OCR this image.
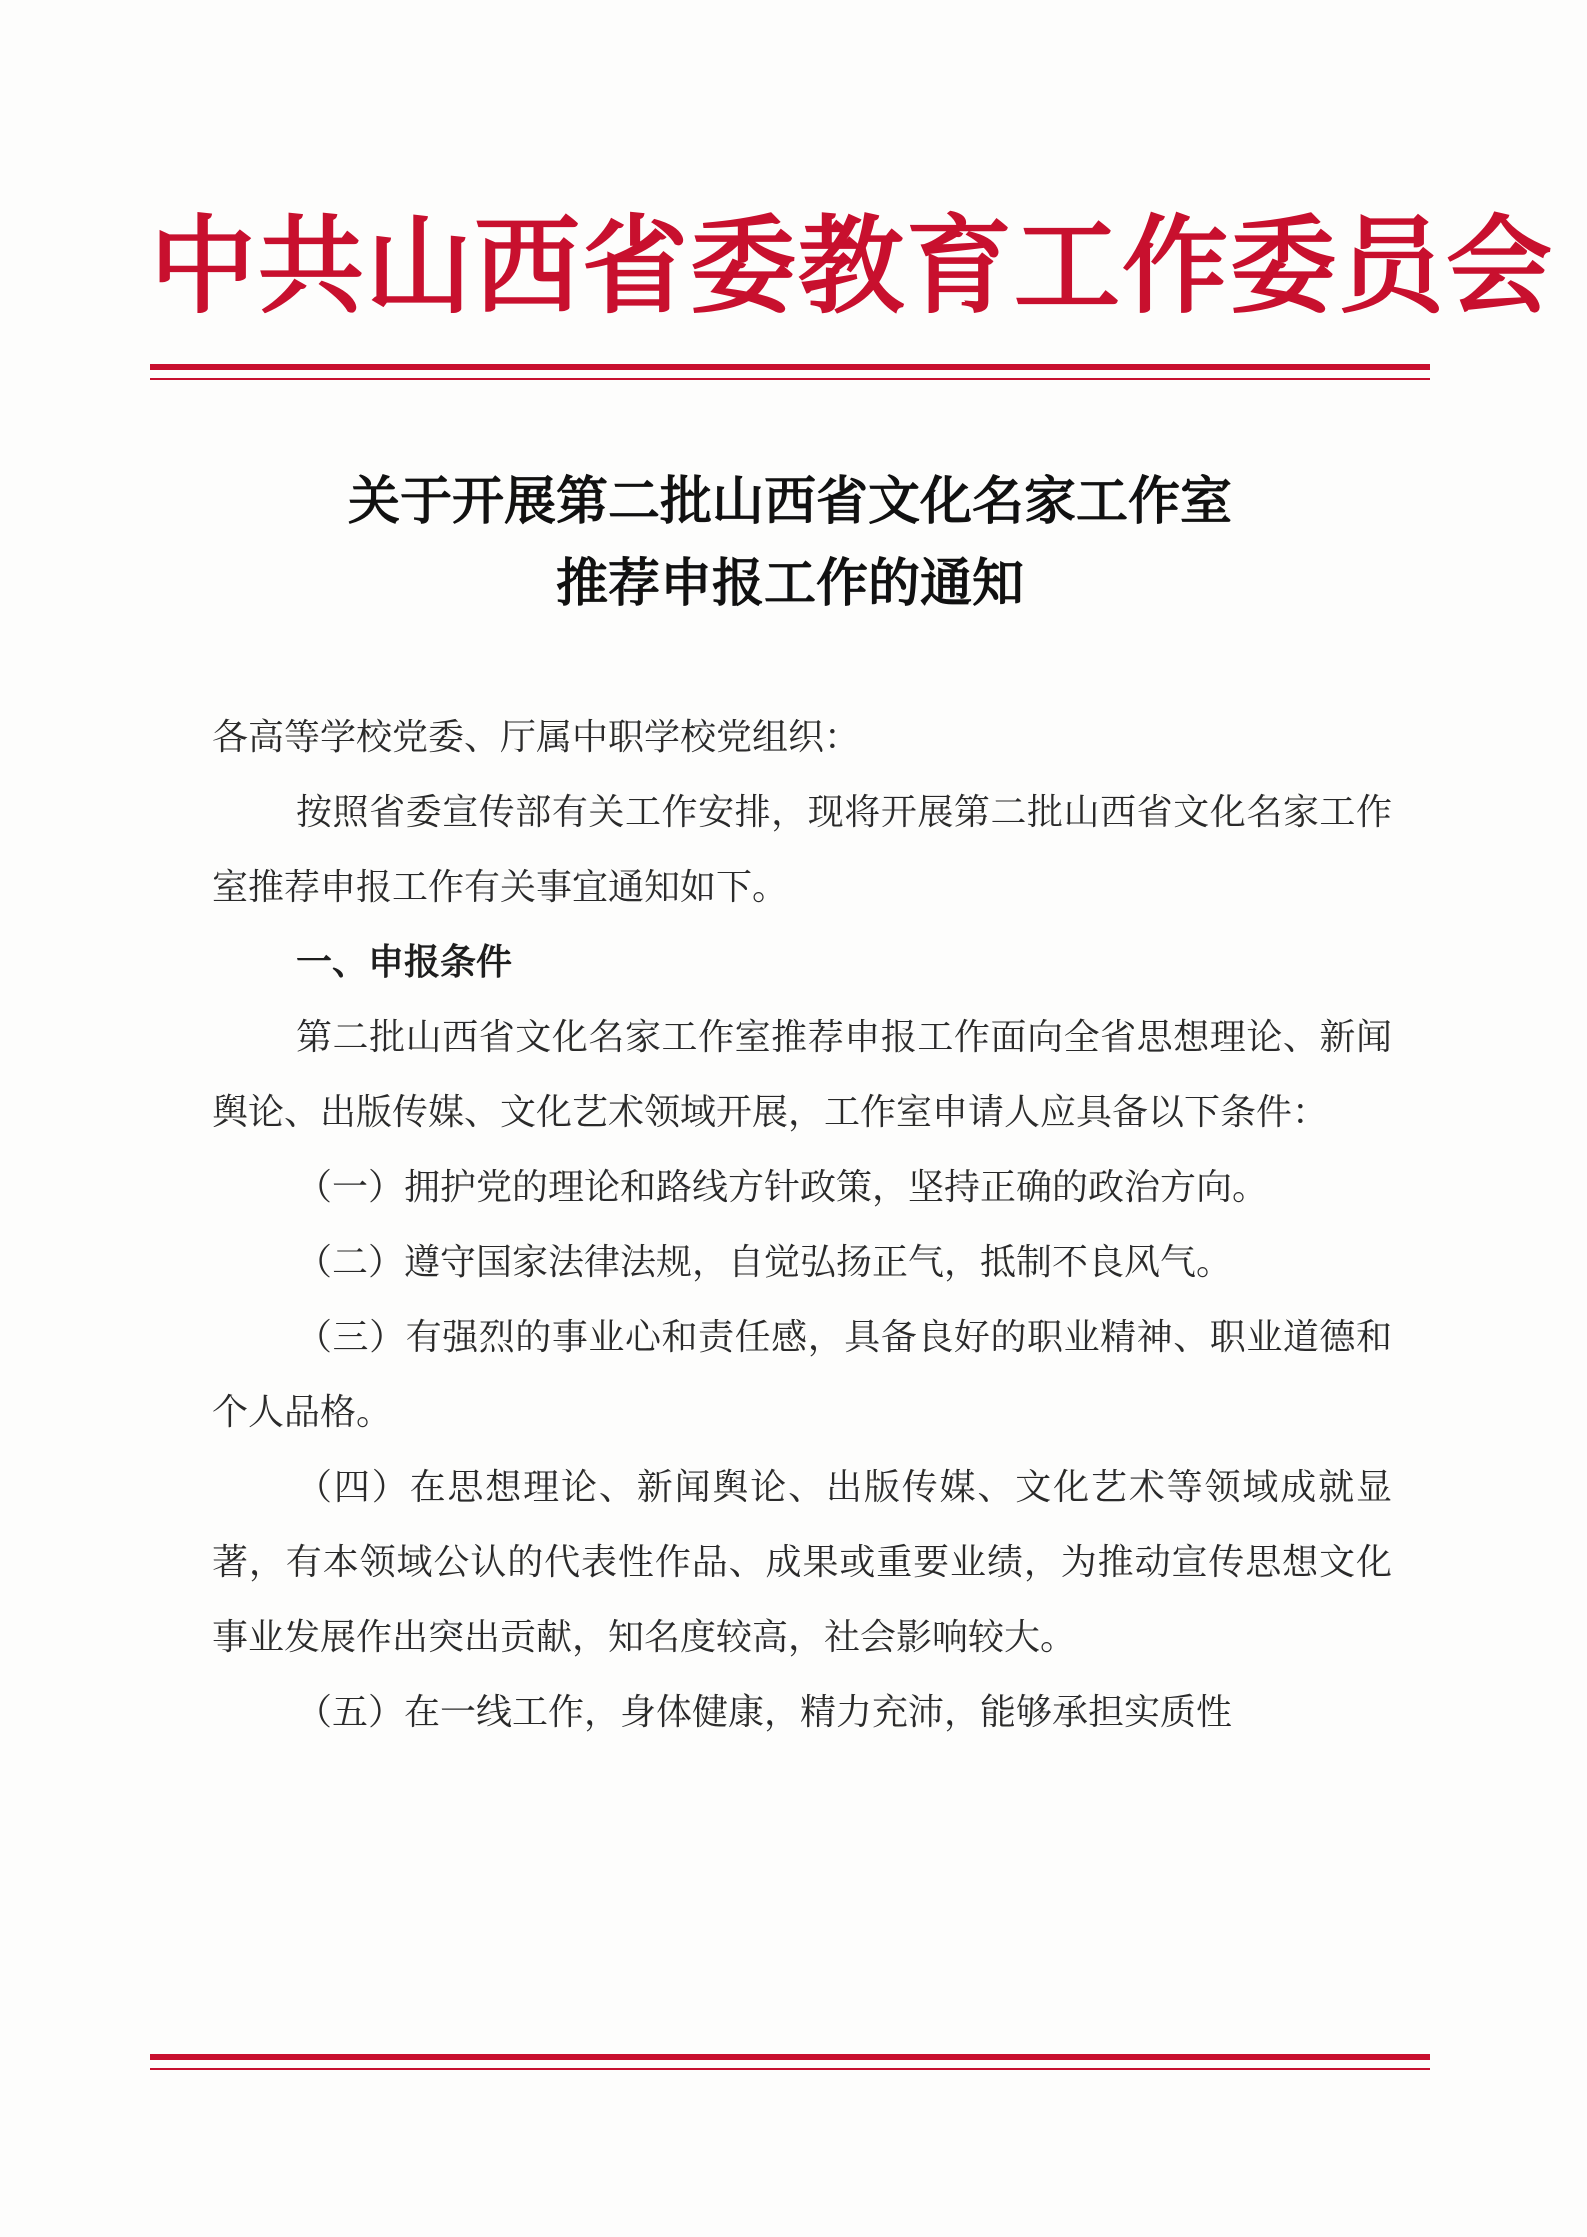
中共山西省委教育工作委员会
关于开展第二批山西省文化名家工作室
推荐申报工作的通知

各高等学校党委、厅属中职学校党组织：

按照省委宣传部有关工作安排，现将开展第二批山西省文化名家工作室推荐申报工作有关事宜通知如下。

一、申报条件

第二批山西省文化名家工作室推荐申报工作面向全省思想理论、新闻舆论、出版传媒、文化艺术领域开展，工作室申请人应具备以下条件：

（一）拥护党的理论和路线方针政策，坚持正确的政治方向。

（二）遵守国家法律法规，自觉弘扬正气，抵制不良风气。

（三）有强烈的事业心和责任感，具备良好的职业精神、职业道德和个人品格。

（四）在思想理论、新闻舆论、出版传媒、文化艺术等领域成就显著，有本领域公认的代表性作品、成果或重要业绩，为推动宣传思想文化事业发展作出突出贡献，知名度较高，社会影响较大。

（五）在一线工作，身体健康，精力充沛，能够承担实质性
